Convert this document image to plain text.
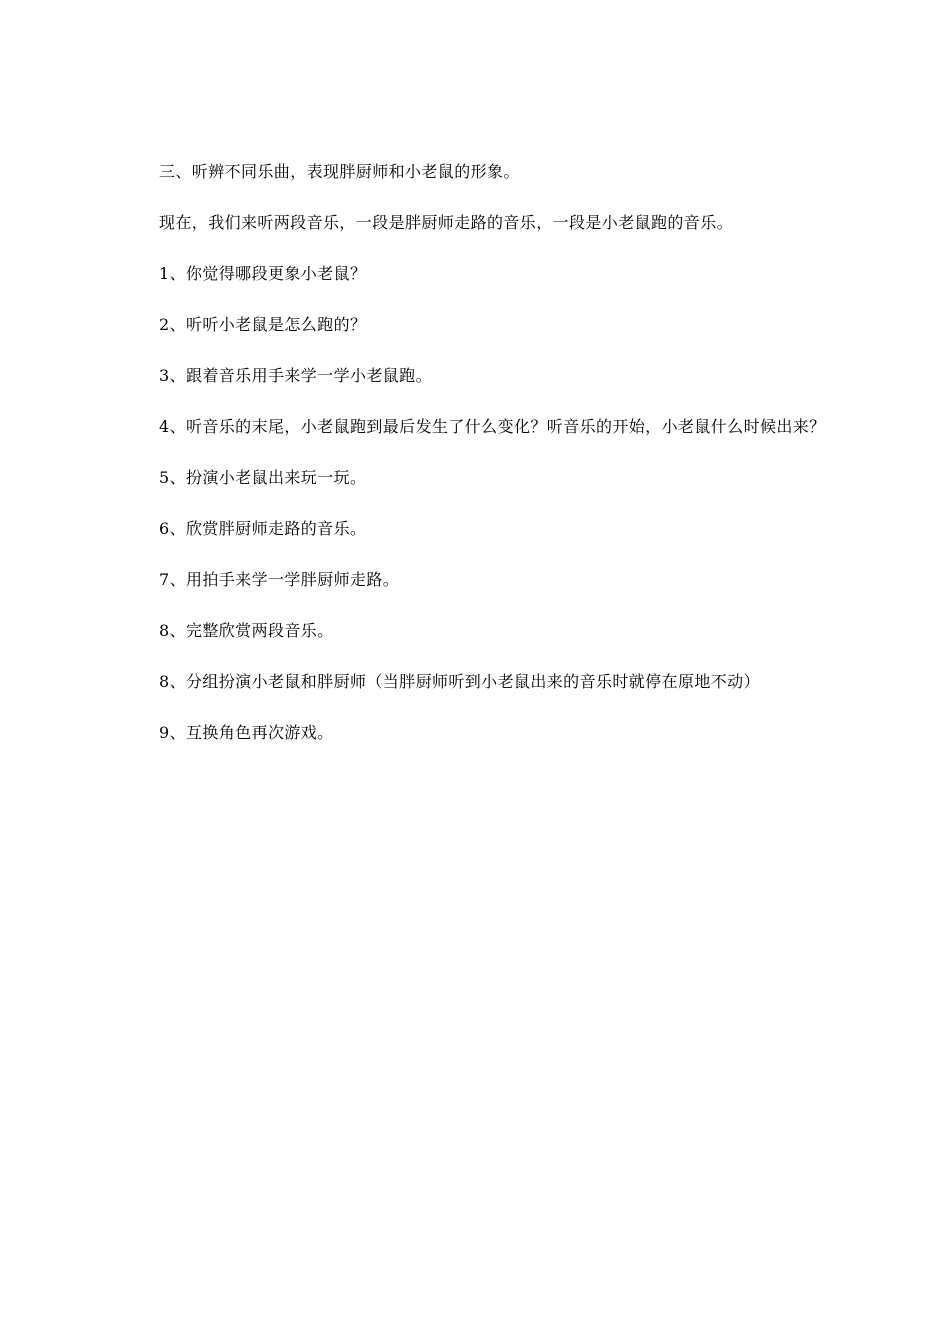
三、听辨不同乐曲，表现胖厨师和小老鼠的形象。

现在，我们来听两段音乐，一段是胖厨师走路的音乐，一段是小老鼠跑的音乐。

1、你觉得哪段更象小老鼠？

2、听听小老鼠是怎么跑的？

3、跟着音乐用手来学一学小老鼠跑。

4、听音乐的末尾，小老鼠跑到最后发生了什么变化？听音乐的开始，小老鼠什么时候出来？

5、扮演小老鼠出来玩一玩。

6、欣赏胖厨师走路的音乐。

7、用拍手来学一学胖厨师走路。

8、完整欣赏两段音乐。

8、分组扮演小老鼠和胖厨师（当胖厨师听到小老鼠出来的音乐时就停在原地不动）

9、互换角色再次游戏。
